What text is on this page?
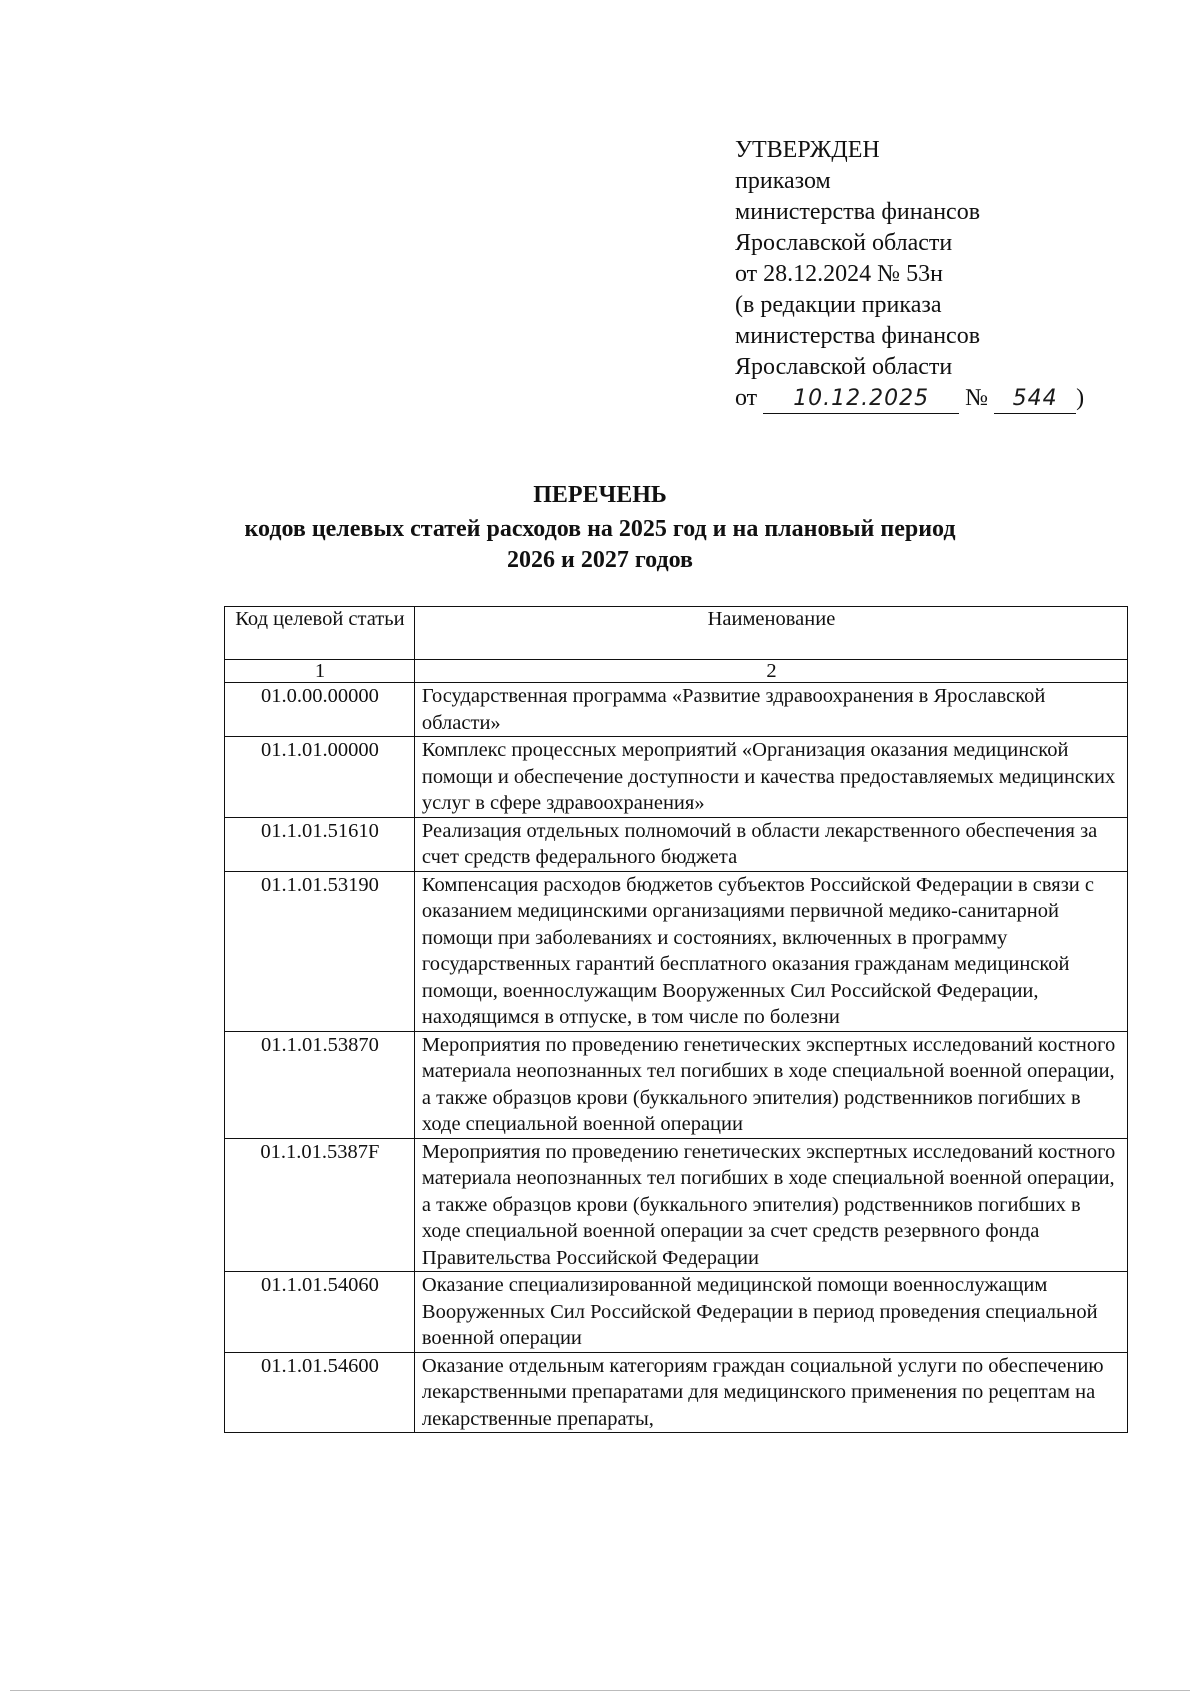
УТВЕРЖДЕН
приказом
министерства финансов
Ярославской области
от 28.12.2024 № 53н
(в редакции приказа
министерства финансов
Ярославской области
от	10.12.2025	№	544 )
ПЕРЕЧЕНЬ
кодов целевых статей расходов на 2025 год и на плановый период
2026 и 2027 годов
Код целевой статьи	Наименование
1	2
01.0.00.00000	Государственная программа «Развитие здравоохранения в Ярославской области»
01.1.01.00000	Комплекс процессных мероприятий «Организация оказания медицинской помощи и обеспечение доступности и качества предоставляемых медицинских услуг в сфере здравоохранения»
01.1.01.51610	Реализация отдельных полномочий в области лекарственного обеспечения за счет средств федерального бюджета
01.1.01.53190	Компенсация расходов бюджетов субъектов Российской Федерации в связи с оказанием медицинскими организациями первичной медико-санитарной помощи при заболеваниях и состояниях, включенных в программу государственных гарантий бесплатного оказания гражданам медицинской помощи, военнослужащим Вооруженных Сил Российской Федерации, находящимся в отпуске, в том числе по болезни
01.1.01.53870	Мероприятия по проведению генетических экспертных исследований костного материала неопознанных тел погибших в ходе специальной военной операции, а также образцов крови (буккального эпителия) родственников погибших в ходе специальной военной операции
01.1.01.5387F	Мероприятия по проведению генетических экспертных исследований костного материала неопознанных тел погибших в ходе специальной военной операции, а также образцов крови (буккального эпителия) родственников погибших в ходе специальной военной операции за счет средств резервного фонда Правительства Российской Федерации
01.1.01.54060	Оказание специализированной медицинской помощи военнослужащим Вооруженных Сил Российской Федерации в период проведения специальной военной операции
01.1.01.54600	Оказание отдельным категориям граждан социальной услуги по обеспечению лекарственными препаратами для медицинского применения по рецептам на лекарственные препараты,
